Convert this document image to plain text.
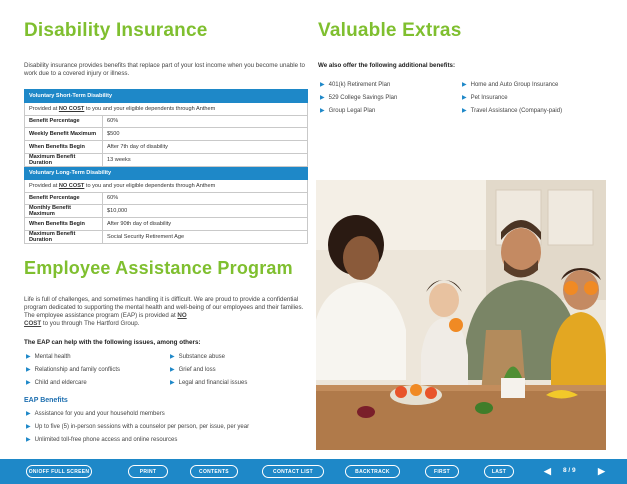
Disability Insurance
Disability insurance provides benefits that replace part of your lost income when you become unable to work due to a covered injury or illness.
Voluntary Short-Term Disability	
Provided at NO COST to you and your eligible dependents through Anthem	
Benefit Percentage	60%
Weekly Benefit Maximum	$500
When Benefits Begin	After 7th day of disability
Maximum Benefit Duration	13 weeks
Voluntary Long-Term Disability	
Provided at NO COST to you and your eligible dependents through Anthem	
Benefit Percentage	60%
Monthly Benefit Maximum	$10,000
When Benefits Begin	After 90th day of disability
Maximum Benefit Duration	Social Security Retirement Age
Employee Assistance Program
Life is full of challenges, and sometimes handling it is difficult. We are proud to provide a confidential program dedicated to supporting the mental health and well-being of our employees and their families. The employee assistance program (EAP) is provided at NO
COST to you through The Hartford Group.
The EAP can help with the following issues, among others:
▶ Mental health
▶ Relationship and family conflicts
▶ Child and eldercare
▶ Substance abuse
▶ Grief and loss
▶ Legal and financial issues
EAP Benefits
▶ Assistance for you and your household members
▶ Up to five (5) in-person sessions with a counselor per person, per issue, per year
▶ Unlimited toll-free phone access and online resources
Valuable Extras
We also offer the following additional benefits:
▶ 401(k) Retirement Plan
▶ 529 College Savings Plan
▶ Group Legal Plan
▶ Home and Auto Group Insurance
▶ Pet Insurance
▶ Travel Assistance (Company-paid)
ON/OFF FULL SCREEN	PRINT	CONTENTS	CONTACT LIST	BACKTRACK	FIRST	LAST	◀ 8 / 9 ▶
